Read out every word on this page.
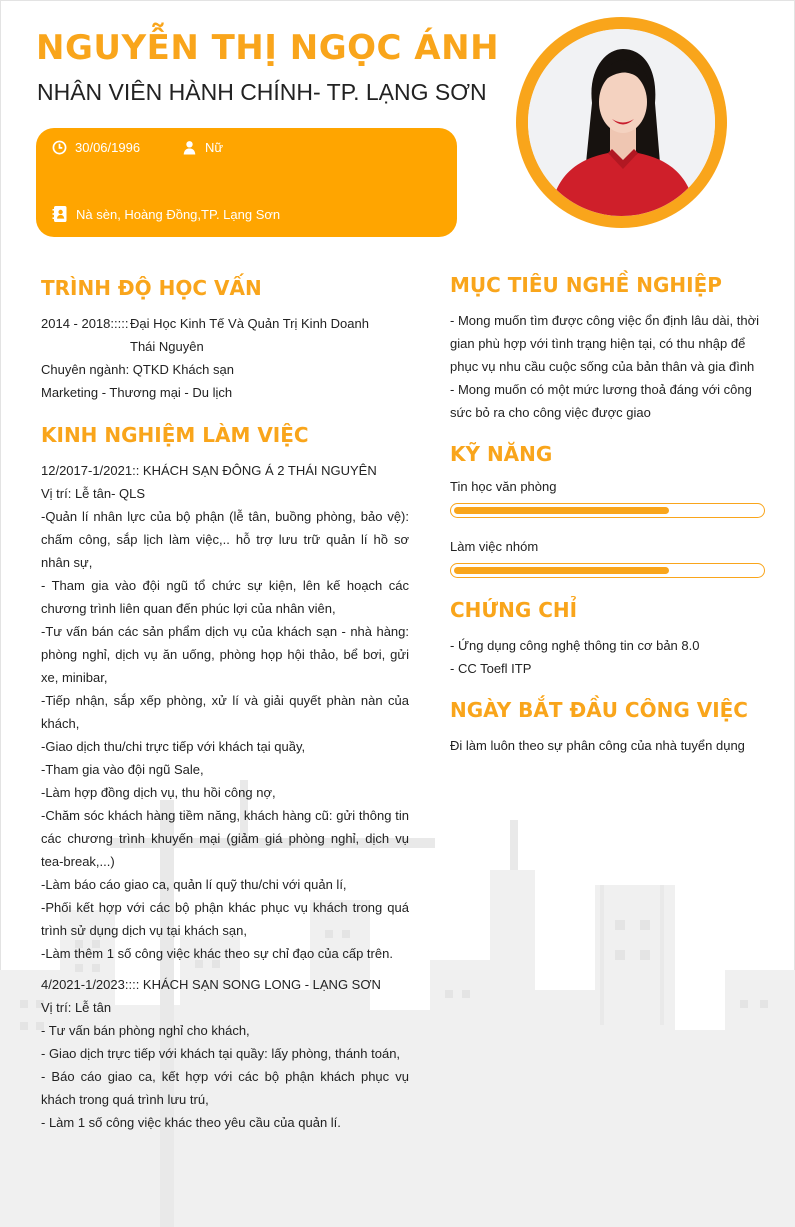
NGUYỄN THỊ NGỌC ÁNH
NHÂN VIÊN HÀNH CHÍNH- TP. LẠNG SƠN
30/06/1996	Nữ
Nà sèn, Hoàng Đồng,TP. Lạng Sơn
TRÌNH ĐỘ HỌC VẤN
2014 - 2018::::: Đại Học Kinh Tế Và Quản Trị Kinh Doanh
Thái Nguyên
Chuyên ngành: QTKD Khách sạn
Marketing - Thương mại - Du lịch
KINH NGHIỆM LÀM VIỆC
12/2017-1/2021:: KHÁCH SẠN ĐÔNG Á 2 THÁI NGUYÊN
Vị trí: Lễ tân- QLS
-Quản lí nhân lực của bộ phận (lễ tân, buồng phòng, bảo vệ): chấm công, sắp lịch làm việc,.. hỗ trợ lưu trữ quản lí hồ sơ nhân sự,
- Tham gia vào đội ngũ tổ chức sự kiện, lên kế hoạch các chương trình liên quan đến phúc lợi của nhân viên,
-Tư vấn bán các sản phẩm dịch vụ của khách sạn - nhà hàng: phòng nghỉ, dịch vụ ăn uống, phòng họp hội thảo, bể bơi, gửi xe, minibar,
-Tiếp nhận, sắp xếp phòng, xử lí và giải quyết phàn nàn của khách,
-Giao dịch thu/chi trực tiếp với khách tại quầy,
-Tham gia vào đội ngũ Sale,
-Làm hợp đồng dịch vụ, thu hồi công nợ,
-Chăm sóc khách hàng tiềm năng, khách hàng cũ: gửi thông tin các chương trình khuyến mại (giảm giá phòng nghỉ, dịch vụ tea-break,...)
-Làm báo cáo giao ca, quản lí quỹ thu/chi với quản lí,
-Phối kết hợp với các bộ phận khác phục vụ khách trong quá trình sử dụng dịch vụ tại khách sạn,
-Làm thêm 1 số công việc khác theo sự chỉ đạo của cấp trên.
4/2021-1/2023:::: KHÁCH SẠN SONG LONG - LẠNG SƠN
Vị trí: Lễ tân
- Tư vấn bán phòng nghỉ cho khách,
- Giao dịch trực tiếp với khách tại quầy: lấy phòng, thánh toán,
- Báo cáo giao ca, kết hợp với các bộ phận khách phục vụ khách trong quá trình lưu trú,
- Làm 1 số công việc khác theo yêu cầu của quản lí.
MỤC TIÊU NGHỀ NGHIỆP
- Mong muốn tìm được công việc ổn định lâu dài, thời gian phù hợp với tình trạng hiện tại, có thu nhập để phục vụ nhu cầu cuộc sống của bản thân và gia đình
- Mong muốn có một mức lương thoả đáng với công sức bỏ ra cho công việc được giao
KỸ NĂNG
Tin học văn phòng
Làm việc nhóm
CHỨNG CHỈ
- Ứng dụng công nghệ thông tin cơ bản 8.0
- CC Toefl ITP
NGÀY BẮT ĐẦU CÔNG VIỆC
Đi làm luôn theo sự phân công của nhà tuyển dụng
